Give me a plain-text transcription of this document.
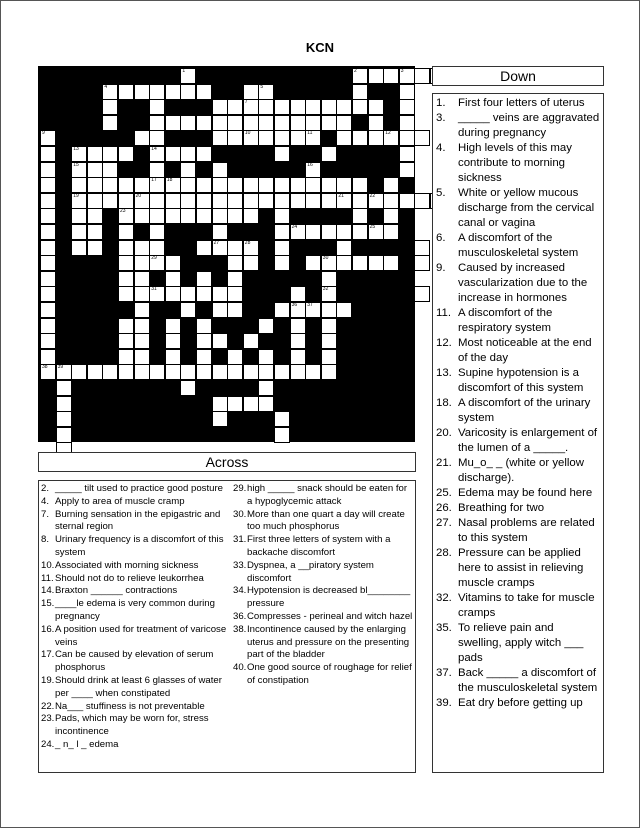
KCN
1	2	3
4	5
7
9	10	11	12
13	14
15	16
17 18
19	20	21	22
23
24	25
27	28
29	30
31	32
36 37
38 39
Down
Across
1.	First four letters of uterus
3.	_____ veins are aggravated during pregnancy
4.	High levels of this may contribute to morning sickness
5.	White or yellow mucous discharge from the cervical canal or vagina
6.	A discomfort of the musculoskeletal system
9.	Caused by increased vascularization due to the increase in hormones
11. A discomfort of the respiratory system
12. Most noticeable at the end of the day
13. Supine hypotension is a discomfort of this system
18. A discomfort of the urinary system
20. Varicosity is enlargement of the lumen of a _____.
21. Mu_o_ _ (white or yellow discharge).
25. Edema may be found here
26. Breathing for two
27. Nasal problems are related to this system
28. Pressure can be applied here to assist in relieving muscle cramps
32. Vitamins to take for muscle cramps
35. To relieve pain and swelling, apply witch ___ pads
37. Back _____ a discomfort of the musculoskeletal system
39. Eat dry before getting up
2. _____ tilt used to practice good posture
4. Apply to area of muscle cramp
7. Burning sensation in the epigastric and sternal region
8. Urinary frequency is a discomfort of this system
10. Associated with morning sickness
11. Should not do to relieve leukorrhea
14. Braxton ______ contractions
15. ____le edema is very common during pregnancy
16. A position used for treatment of varicose veins
17. Can be caused by elevation of serum phosphorus
19. Should drink at least 6 glasses of water per ____ when constipated
22. Na___ stuffiness is not preventable
23. Pads, which may be worn for, stress incontinence
24. _ n_ l _ edema
29. high _____ snack should be eaten for a hypoglycemic attack
30. More than one quart a day will create too much phosphorus
31. First three letters of system with a backache discomfort
33. Dyspnea, a __piratory system discomfort
34. Hypotension is decreased bl________ pressure
36. Compresses - perineal and witch hazel
38. Incontinence caused by the enlarging uterus and pressure on the presenting part of the bladder
40. One good source of roughage for relief of constipation
